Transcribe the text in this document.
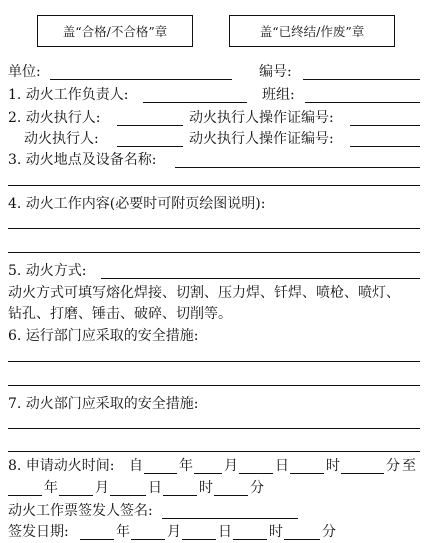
盖“合格/不合格”章	盖“已终结/作废”章
单位:	编号:
1. 动火工作负责人:	班组:
2. 动火执行人:	动火执行人操作证编号:
动火执行人:	动火执行人操作证编号:
3. 动火地点及设备名称:
4. 动火工作内容(必要时可附页绘图说明):
5. 动火方式:
动火方式可填写熔化焊接、切割、压力焊、钎焊、喷枪、喷灯、
钻孔、打磨、锤击、破碎、切削等。
6. 运行部门应采取的安全措施:
7. 动火部门应采取的安全措施:
8. 申请动火时间: 自	年 月	日	时	分 至
年	月	日	时	分
动火工作票签发人签名:
签发日期:	年	月	日	时	分
